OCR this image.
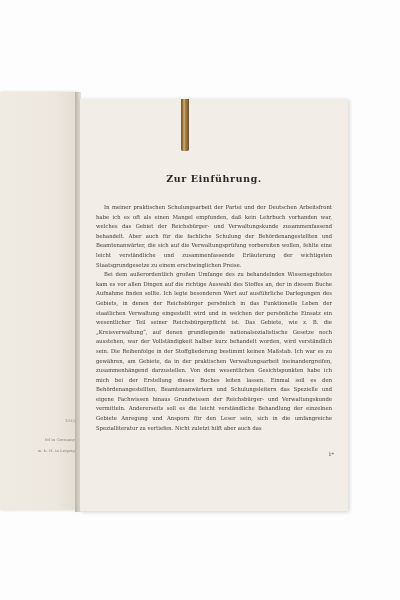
1933
fel in Germany
m. b. H. in Leipzig
Zur Einführung.

In meiner praktischen Schulungsarbeit der Partei und der Deutschen Arbeitsfront habe ich es oft als einen Mangel empfunden, daß kein Lehrbuch vorhanden war, welches das Gebiet der Reichsbürger- und Verwaltungskunde zusammenfassend behandelt. Aber auch für die fachliche Schulung der Behördenangestellten und Beamtenanwärter, die sich auf die Verwaltungsprüfung vorbereiten wollen, fehlte eine leicht verständliche und zusammenfassende Erläuterung der wichtigsten Staatsgrundgesetze zu einem erschwinglichen Preise.

Bei dem außerordentlich großen Umfange des zu behandelnden Wissensgebietes kam es vor allen Dingen auf die richtige Auswahl des Stoffes an, der in diesem Buche Aufnahme finden sollte. Ich legte besonderen Wert auf ausführliche Darlegungen des Gebiets, in denen der Reichsbürger persönlich in das Funktionelle Leben der staatlichen Verwaltung eingestellt wird und in welchen der persönliche Einsatz ein wesentlicher Teil seiner Reichsbürgerpflicht ist. Das Gebiete, wie z. B. die „Kreisverwaltung“, auf denen grundlegende nationalsozialistische Gesetze noch ausstehen, war der Vollständigkeit halber kurz behandelt worden, wird verständlich sein. Die Reihenfolge in der Stoffgliederung bestimmt keinen Maßstab. Ich war es zu gewähren, am Gebiete, da in der praktischen Verwaltungsarbeit ineinandergreifen, zusammenhängend darzustellen. Von dem wesentlichen Gesichtspunkten habe ich mich bei der Erstellung dieses Buches leiten lassen. Einmal soll es den Behördenangestellten, Beamtenanwärtern und Schulungsleitern das Spezielle und eigene Fachwissen hinaus Grundwissen der Reichsbürger- und Verwaltungskunde vermitteln. Andererseits soll es die leicht verständliche Behandlung der einzelnen Gebiete Anregung und Ansporn für den Leser sein, sich in die umfangreiche Spezialliteratur zu vertiefen. Nicht zuletzt hilft aber auch das

1*
